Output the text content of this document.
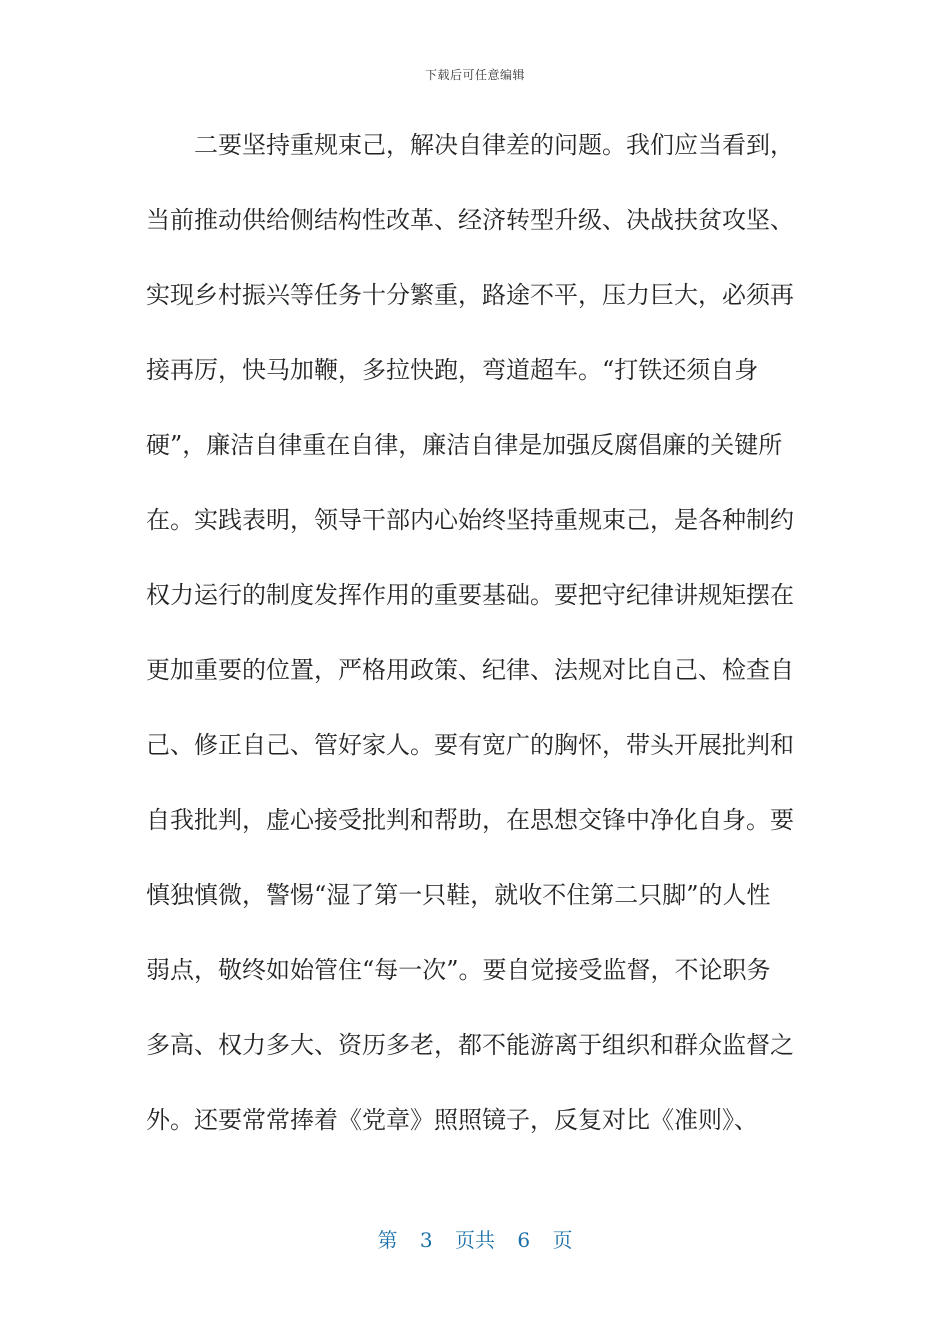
下载后可任意编辑
　　二要坚持重规束己，解决自律差的问题。我们应当看到，
当前推动供给侧结构性改革、经济转型升级、决战扶贫攻坚、
实现乡村振兴等任务十分繁重，路途不平，压力巨大，必须再
接再厉，快马加鞭，多拉快跑，弯道超车。“打铁还须自身
硬”，廉洁自律重在自律，廉洁自律是加强反腐倡廉的关键所
在。实践表明，领导干部内心始终坚持重规束己，是各种制约
权力运行的制度发挥作用的重要基础。要把守纪律讲规矩摆在
更加重要的位置，严格用政策、纪律、法规对比自己、检查自
己、修正自己、管好家人。要有宽广的胸怀，带头开展批判和
自我批判，虚心接受批判和帮助，在思想交锋中净化自身。要
慎独慎微，警惕“湿了第一只鞋，就收不住第二只脚”的人性
弱点，敬终如始管住“每一次”。要自觉接受监督，不论职务
多高、权力多大、资历多老，都不能游离于组织和群众监督之
外。还要常常捧着《党章》照照镜子，反复对比《准则》、
第 3 页共 6 页
